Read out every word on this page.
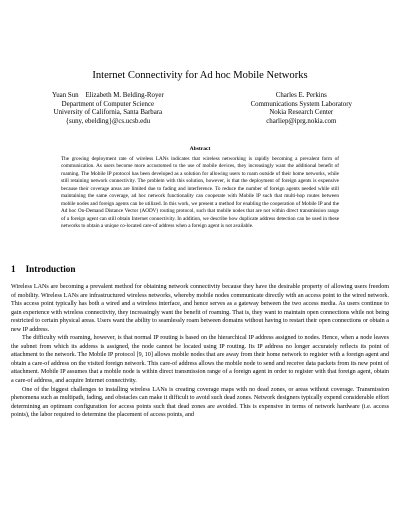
Internet Connectivity for Ad hoc Mobile Networks
Yuan Sun    Elizabeth M. Belding-Royer
Department of Computer Science
University of California, Santa Barbara
{suny, ebelding}@cs.ucsb.edu
Charles E. Perkins
Communications System Laboratory
Nokia Research Center
charliep@iprg.nokia.com
Abstract
The growing deployment rate of wireless LANs indicates that wireless networking is rapidly becoming a prevalent form of communication. As users become more accustomed to the use of mobile devices, they increasingly want the additional benefit of roaming. The Mobile IP protocol has been developed as a solution for allowing users to roam outside of their home networks, while still retaining network connectivity. The problem with this solution, however, is that the deployment of foreign agents is expensive because their coverage areas are limited due to fading and interference. To reduce the number of foreign agents needed while still maintaining the same coverage, ad hoc network functionality can cooperate with Mobile IP such that multi-hop routes between mobile nodes and foreign agents can be utilized. In this work, we present a method for enabling the cooperation of Mobile IP and the Ad hoc On-Demand Distance Vector (AODV) routing protocol, such that mobile nodes that are not within direct transmission range of a foreign agent can still obtain Internet connectivity. In addition, we describe how duplicate address detection can be used in these networks to obtain a unique co-located care-of address when a foreign agent is not available.
1 Introduction

Wireless LANs are becoming a prevalent method for obtaining network connectivity because they have the desirable property of allowing users freedom of mobility. Wireless LANs are infrastructured wireless networks, whereby mobile nodes communicate directly with an access point to the wired network. This access point typically has both a wired and a wireless interface, and hence serves as a gateway between the two access media. As users continue to gain experience with wireless connectivity, they increasingly want the benefit of roaming. That is, they want to maintain open connections while not being restricted to certain physical areas. Users want the ability to seamlessly roam between domains without having to restart their open connections or obtain a new IP address.

The difficulty with roaming, however, is that normal IP routing is based on the hierarchical IP address assigned to nodes. Hence, when a node leaves the subnet from which its address is assigned, the node cannot be located using IP routing. Its IP address no longer accurately reflects its point of attachment to the network. The Mobile IP protocol [9, 10] allows mobile nodes that are away from their home network to register with a foreign agent and obtain a care-of address on the visited foreign network. This care-of address allows the mobile node to send and receive data packets from its new point of attachment. Mobile IP assumes that a mobile node is within direct transmission range of a foreign agent in order to register with that foreign agent, obtain a care-of address, and acquire Internet connectivity.

One of the biggest challenges to installing wireless LANs is creating coverage maps with no dead zones, or areas without coverage. Transmission phenomena such as multipath, fading, and obstacles can make it difficult to avoid such dead zones. Network designers typically expend considerable effort determining an optimum configuration for access points such that dead zones are avoided. This is expensive in terms of network hardware (i.e. access points), the labor required to determine the placement of access points, and
